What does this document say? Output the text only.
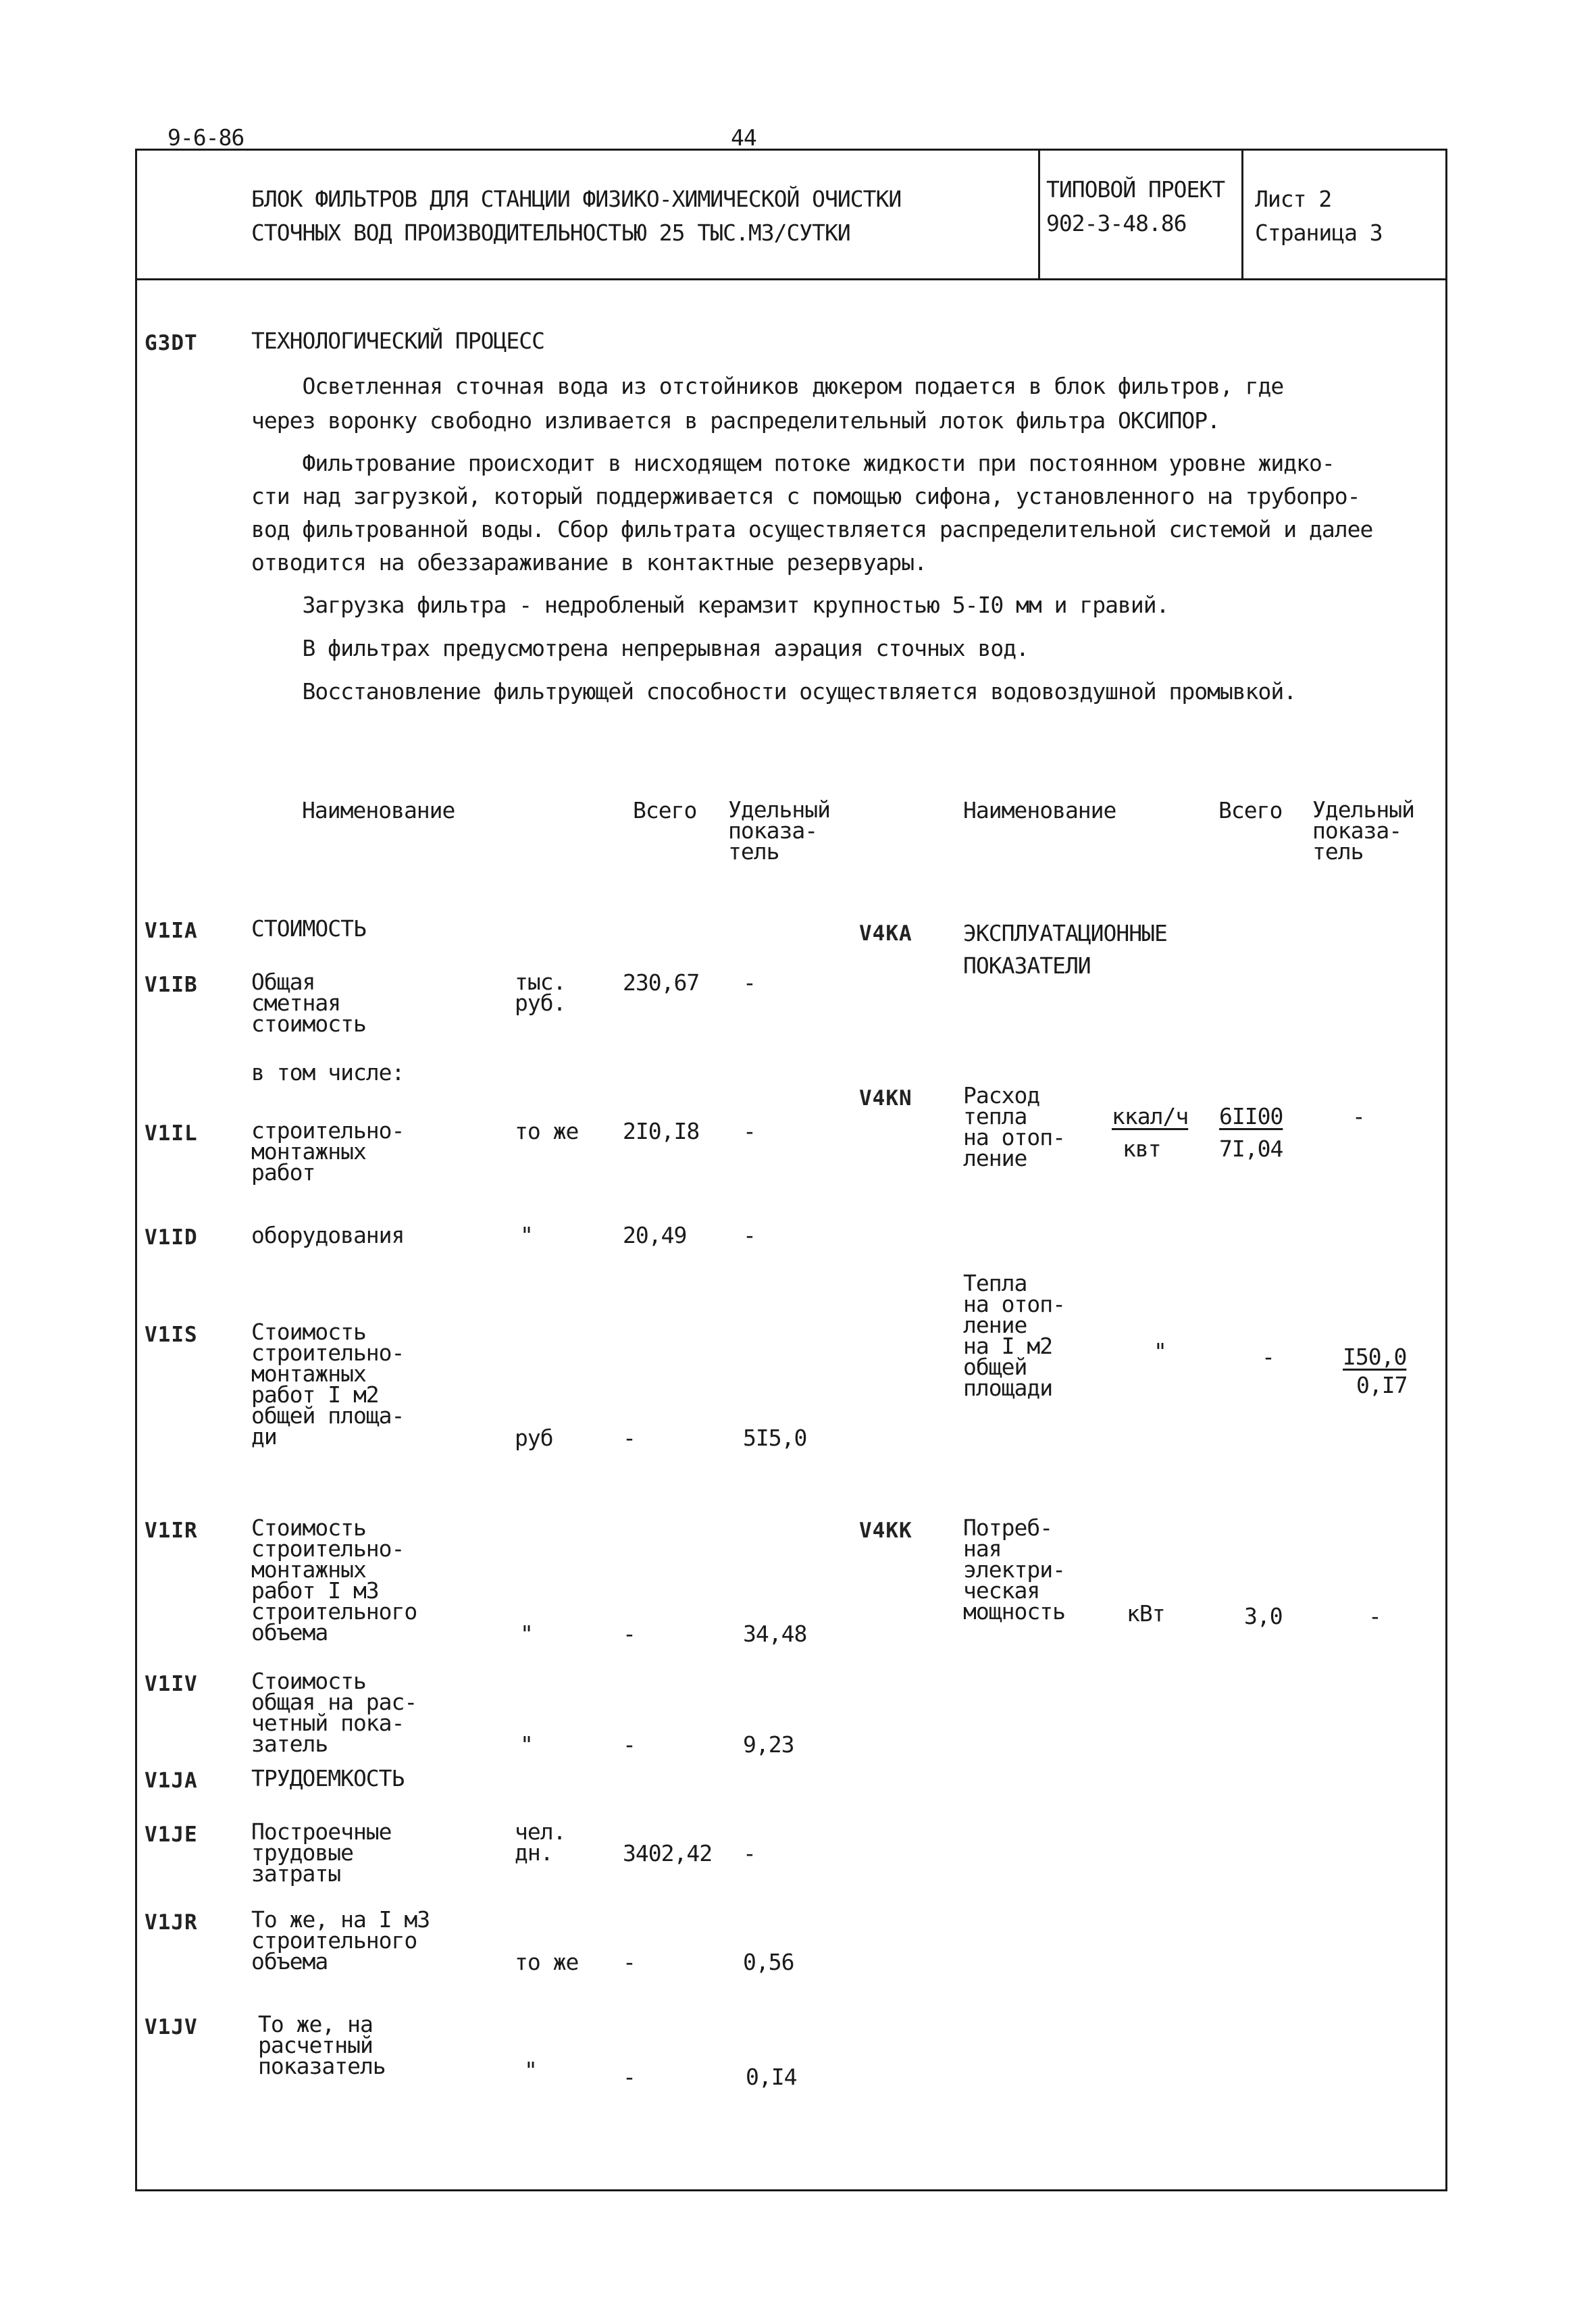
9-6-86	44
БЛОК ФИЛЬТРОВ ДЛЯ СТАНЦИИ ФИЗИКО-ХИМИЧЕСКОЙ ОЧИСТКИ
СТОЧНЫХ ВОД ПРОИЗВОДИТЕЛЬНОСТЬЮ 25 ТЫС.М3/СУТКИ
ТИПОВОЙ ПРОЕКТ
902-3-48.86
Лист 2
Страница 3
G3DT ТЕХНОЛОГИЧЕСКИЙ ПРОЦЕСС
Осветленная сточная вода из отстойников дюкером подается в блок фильтров, где
через воронку свободно изливается в распределительный лоток фильтра ОКСИПОР.
Фильтрование происходит в нисходящем потоке жидкости при постоянном уровне жидко-
сти над загрузкой, который поддерживается с помощью сифона, установленного на трубопро-
вод фильтрованной воды. Сбор фильтрата осуществляется распределительной системой и далее
отводится на обеззараживание в контактные резервуары.
Загрузка фильтра - недробленый керамзит крупностью 5-I0 мм и гравий.
В фильтрах предусмотрена непрерывная аэрация сточных вод.
Восстановление фильтрующей способности осуществляется водовоздушной промывкой.
Наименование	Всего Удельный
показа-
тель
Наименование	Всего Удельный
показа-
тель
V1IA СТОИМОСТЬ
V1IB Общая
сметная
стоимость
тыс.
руб.
230,67 -
в том числе:
V1IL строительно-
монтажных
работ
то же 2I0,I8 -
V1ID оборудования	"	20,49	-
V1IS Стоимость
строительно-
монтажных
работ I м2
общей площа-
ди	руб	-	5I5,0
V1IR Стоимость
строительно-
монтажных
работ I м3
строительного
объема	"	-	34,48
V1IV Стоимость
общая на рас-
четный пока-
затель	"	-	9,23
V1JA ТРУДОЕМКОСТЬ
V1JE Построечные
трудовые
затраты
чел.
дн.	3402,42 -
V1JR То же, на I м3
строительного
объема	то же -	0,56
V1JV	То же, на
расчетный
показатель	"	-	0,I4
V4KA ЭКСПЛУАТАЦИОННЫЕ
ПОКАЗАТЕЛИ
V4KN Расход
тепла
на отоп-
ление
ккал/ч
квт
6II00
7I,04
-
Тепла
на отоп-
ление
на I м2
общей
площади
"	-	I50,0
0,I7
V4KK Потреб-
ная
электри-
ческая
мощность	кВт	3,0	-
